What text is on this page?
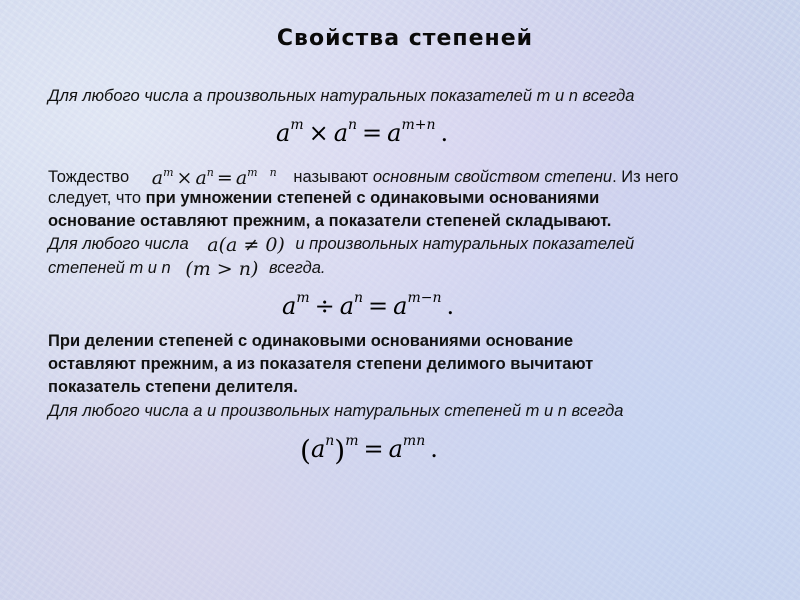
Свойства степеней
Для любого числа a произвольных натуральных показателей m и n всегда
$a^m \times a^n = a^{m+n}$ .
Тождество $a^m \times a^n = a^m$ $^n$ называют основным свойством степени. Из него
следует, что при умножении степеней с одинаковыми основаниями
основание оставляют прежним, а показатели степеней складывают.
Для любого числа a(a ≠ 0) и произвольных натуральных показателей
степеней m и n (m > n) всегда.
$a^m \div a^n = a^{m-n}$ .
При делении степеней с одинаковыми основаниями основание
оставляют прежним, а из показателя степени делимого вычитают
показатель степени делителя.
Для любого числа a и произвольных натуральных степеней m и n всегда
$(a^n)^m = a^{mn}$ .
